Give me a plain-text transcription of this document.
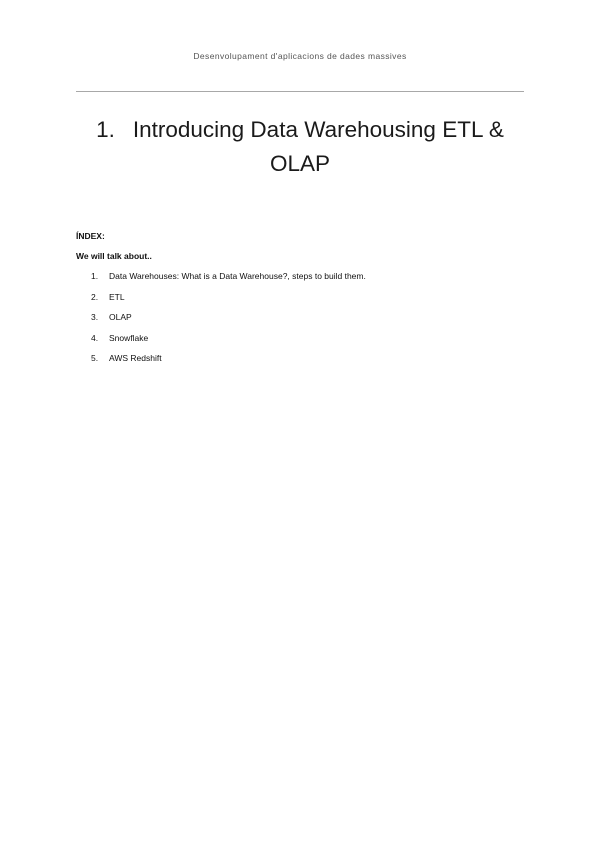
Desenvolupament d'aplicacions de dades massives
1. Introducing Data Warehousing ETL &
OLAP
ÍNDEX:
We will talk about..
1. Data Warehouses: What is a Data Warehouse?, steps to build them.
2. ETL
3. OLAP
4. Snowflake
5. AWS Redshift
